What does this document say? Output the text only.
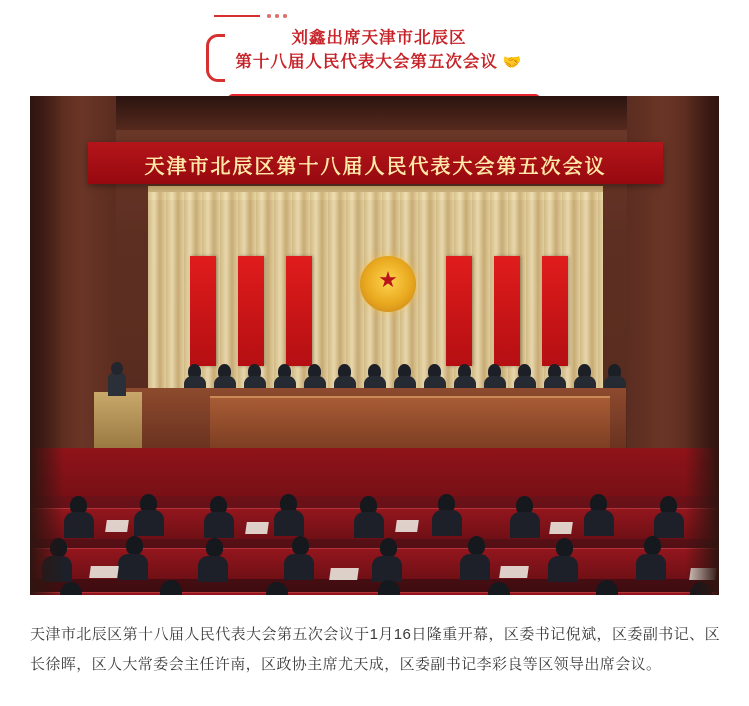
刘鑫出席天津市北辰区
第十八届人民代表大会第五次会议 🤝
天津市北辰区第十八届人民代表大会第五次会议
★
天津市北辰区第十八届人民代表大会第五次会议于1月16日隆重开幕，区委书记倪斌，区委副书记、区长徐晖，区人大常委会主任许南，区政协主席尤天成，区委副书记李彩良等区领导出席会议。
